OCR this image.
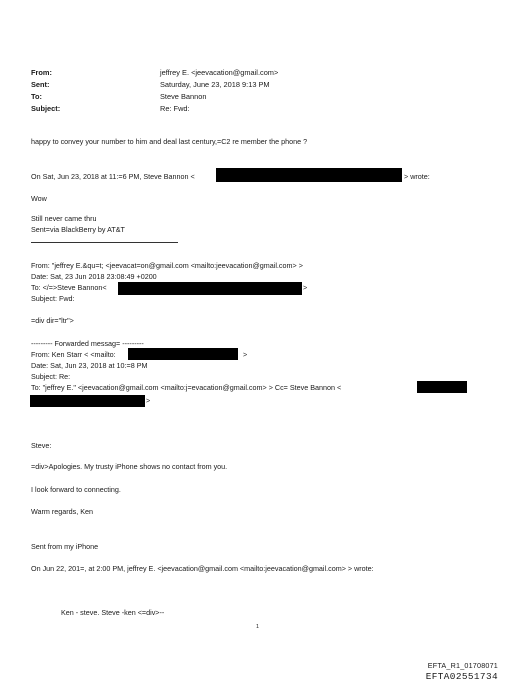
From:	jeffrey E. <jeevacation@gmail.com>
Sent:	Saturday, June 23, 2018 9:13 PM
To:	Steve Bannon
Subject:	Re: Fwd:
happy to convey your number to him and deal last century,=C2 re member the phone ?
On Sat, Jun 23, 2018 at 11:=6 PM, Steve Bannon <	> wrote:
Wow
Still never came thru
Sent=via BlackBerry by AT&T
From: "jeffrey E.&qu=t; <jeevacat=on@gmail.com <mailto:jeevacation@gmail.com> >
Date: Sat, 23 Jun 2018 23:08:49 +0200
To: </=>Steve Bannon<	>
Subject: Fwd:
=div dir="ltr">
--------- Forwarded messag= ---------
From: Ken Starr < <mailto:	>
Date: Sat, Jun 23, 2018 at 10:=8 PM
Subject: Re:
To: "jeffrey E." <jeevacation@gmail.com <mailto:j=evacation@gmail.com> > Cc= Steve Bannon <
>
Steve:
=div>Apologies. My trusty iPhone shows no contact from you.
I look forward to connecting.
Warm regards, Ken
Sent from my iPhone
On Jun 22, 201=, at 2:00 PM, jeffrey E. <jeevacation@gmail.com <mailto:jeevacation@gmail.com> > wrote:
Ken - steve. Steve -ken <=div>--
1
EFTA_R1_01708071
EFTA02551734
